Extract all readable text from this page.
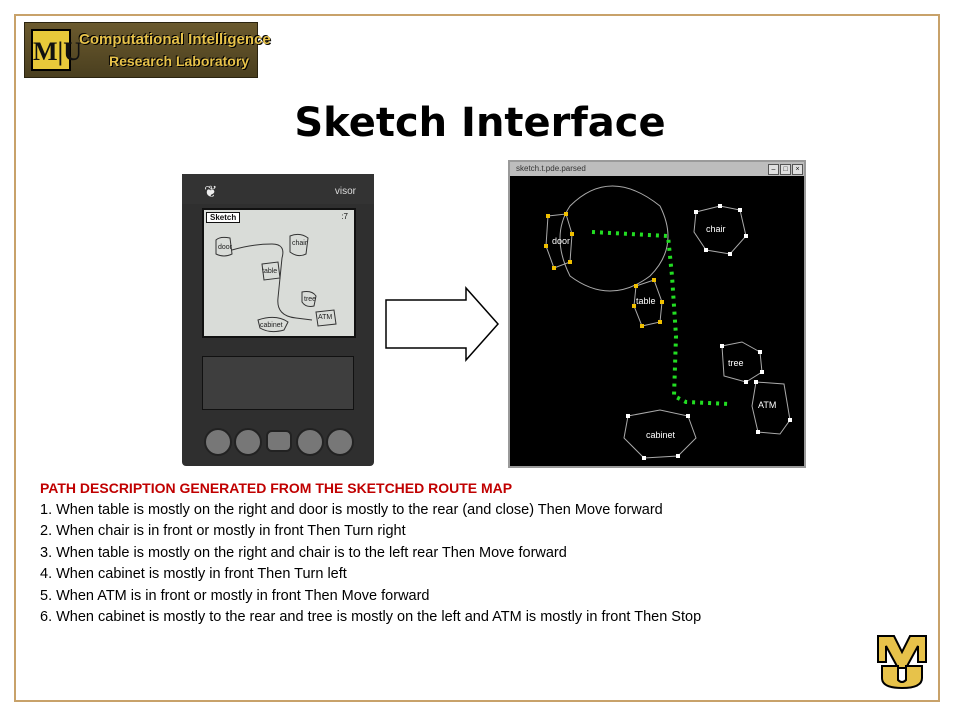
M|U
Computational Intelligence
Research Laboratory
Sketch Interface
❦	visor
Sketch	:7
door
chair
table
tree
ATM
cabinet
sketch.t.pde.parsed	–	□	×
door
chair
table
tree
ATM
cabinet
PATH DESCRIPTION GENERATED FROM THE SKETCHED ROUTE MAP
1. When table is mostly on the right and door is mostly to the rear (and close) Then Move forward
2. When chair is in front or mostly in front Then Turn right
3. When table is mostly on the right and chair is to the left rear Then Move forward
4. When cabinet is mostly in front Then Turn left
5. When ATM is in front or mostly in front Then Move forward
6. When cabinet is mostly to the rear and tree is mostly on the left and ATM is mostly in front Then Stop
